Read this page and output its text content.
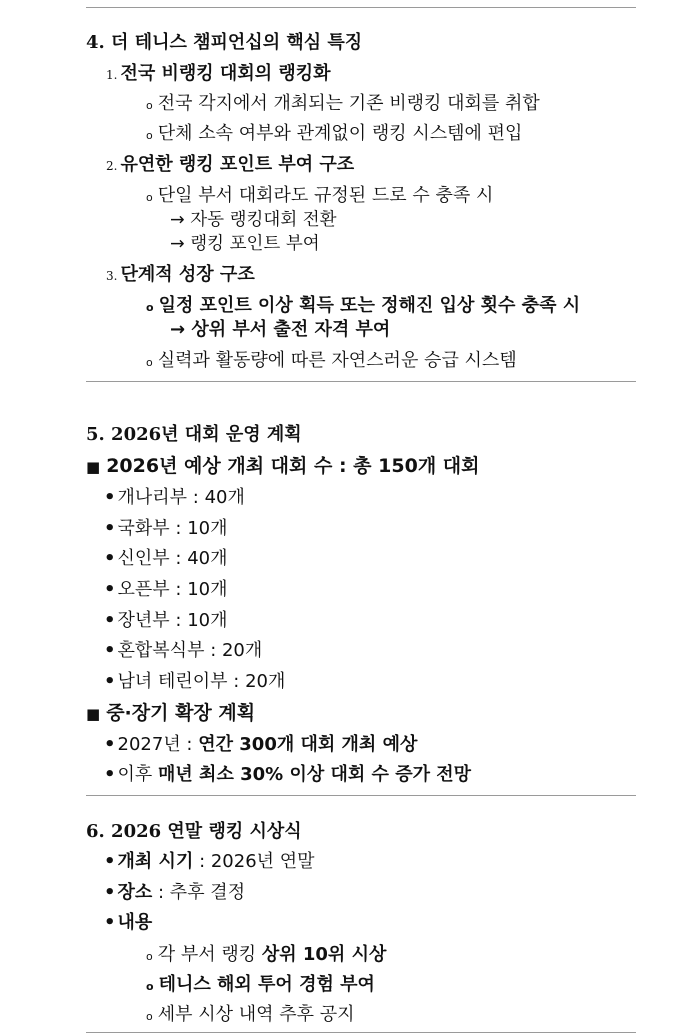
4. 더 테니스 챔피언십의 핵심 특징
1. 전국 비랭킹 대회의 랭킹화
o 전국 각지에서 개최되는 기존 비랭킹 대회를 취합
o 단체 소속 여부와 관계없이 랭킹 시스템에 편입
2. 유연한 랭킹 포인트 부여 구조
o 단일 부서 대회라도 규정된 드로 수 충족 시
→ 자동 랭킹대회 전환
→ 랭킹 포인트 부여
3. 단계적 성장 구조
o 일정 포인트 이상 획득 또는 정해진 입상 횟수 충족 시
→ 상위 부서 출전 자격 부여
o 실력과 활동량에 따른 자연스러운 승급 시스템
5. 2026년 대회 운영 계획
■ 2026년 예상 개최 대회 수 : 총 150개 대회
• 개나리부 : 40개
• 국화부 : 10개
• 신인부 : 40개
• 오픈부 : 10개
• 장년부 : 10개
• 혼합복식부 : 20개
• 남녀 테린이부 : 20개
■ 중·장기 확장 계획
• 2027년 : 연간 300개 대회 개최 예상
• 이후 매년 최소 30% 이상 대회 수 증가 전망
6. 2026 연말 랭킹 시상식
• 개최 시기 : 2026년 연말
• 장소 : 추후 결정
• 내용
o 각 부서 랭킹 상위 10위 시상
o 테니스 해외 투어 경험 부여
o 세부 시상 내역 추후 공지
